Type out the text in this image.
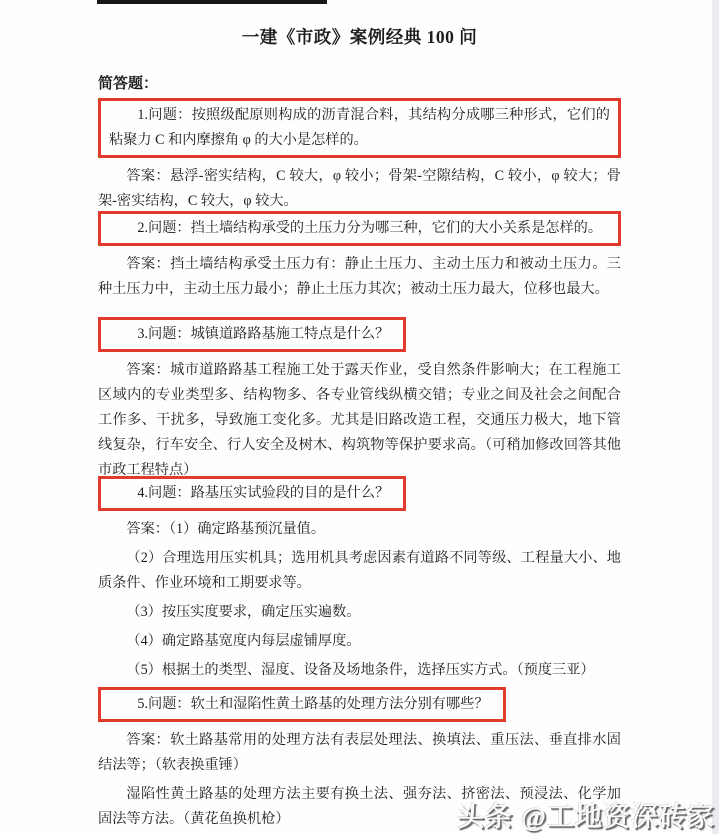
一建《市政》案例经典 100 问
简答题：

1.问题：按照级配原则构成的沥青混合料，其结构分成哪三种形式，它们的粘聚力 C 和内摩擦角 φ 的大小是怎样的。

答案：悬浮-密实结构，C 较大，φ 较小；骨架-空隙结构，C 较小，φ 较大；骨架-密实结构，C 较大，φ 较大。

2.问题：挡土墙结构承受的土压力分为哪三种，它们的大小关系是怎样的。

答案：挡土墙结构承受土压力有：静止土压力、主动土压力和被动土压力。三种土压力中，主动土压力最小；静止土压力其次；被动土压力最大，位移也最大。

3.问题：城镇道路路基施工特点是什么？

答案：城市道路路基工程施工处于露天作业，受自然条件影响大；在工程施工区域内的专业类型多、结构物多、各专业管线纵横交错；专业之间及社会之间配合工作多、干扰多，导致施工变化多。尤其是旧路改造工程，交通压力极大，地下管线复杂，行车安全、行人安全及树木、构筑物等保护要求高。（可稍加修改回答其他市政工程特点）

4.问题：路基压实试验段的目的是什么？

答案：（1）确定路基预沉量值。

（2）合理选用压实机具；选用机具考虑因素有道路不同等级、工程量大小、地质条件、作业环境和工期要求等。

（3）按压实度要求，确定压实遍数。

（4）确定路基宽度内每层虚铺厚度。

（5）根据土的类型、湿度、设备及场地条件，选择压实方式。（预度三亚）

5.问题：软土和湿陷性黄土路基的处理方法分别有哪些？

答案：软土路基常用的处理方法有表层处理法、换填法、重压法、垂直排水固结法等；（软表换重锤）

湿陷性黄土路基的处理方法主要有换土法、强夯法、挤密法、预浸法、化学加固法等方法。（黄花鱼换机枪）	头条 @工地资深砖家
